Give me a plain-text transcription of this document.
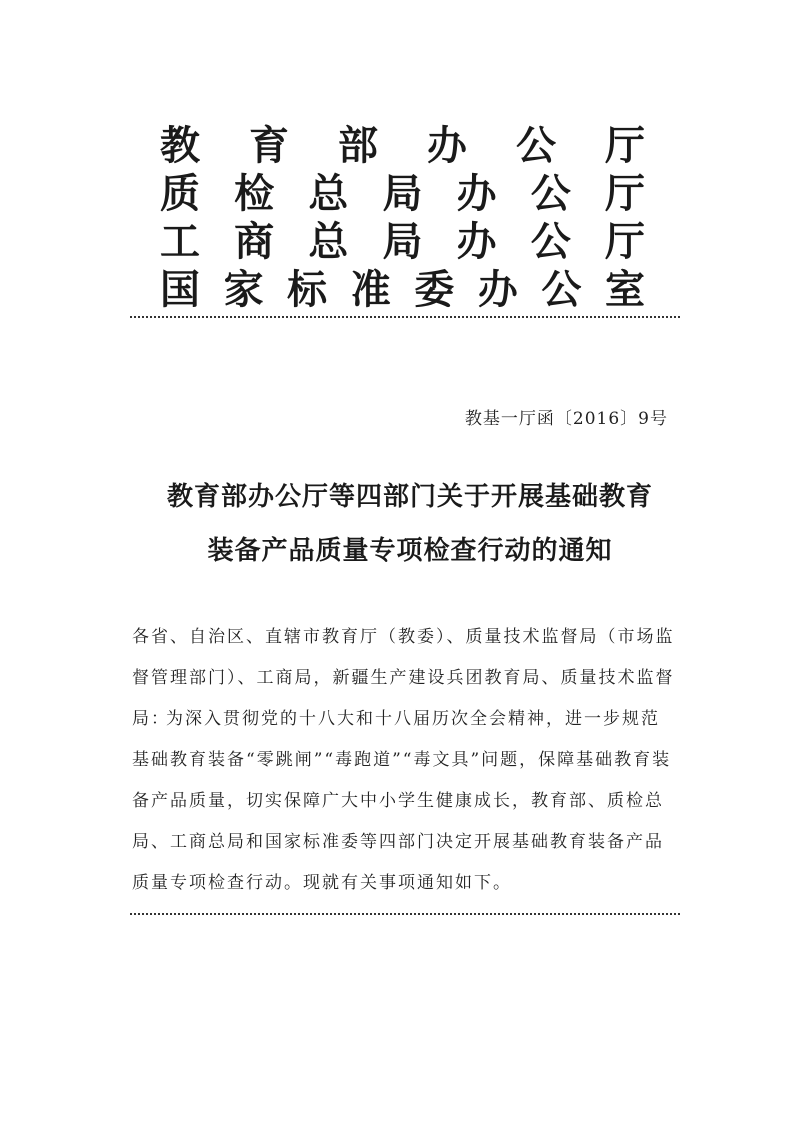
教 育 部 办 公 厅
质 检 总 局 办 公 厅
工 商 总 局 办 公 厅
国 家 标 准 委 办 公 室
教基一厅函〔2016〕9号
教育部办公厅等四部门关于开展基础教育
装备产品质量专项检查行动的通知
各省、自治区、直辖市教育厅（教委）、质量技术监督局（市场监督管理部门）、工商局，新疆生产建设兵团教育局、质量技术监督局：
为深入贯彻党的十八大和十八届历次全会精神，进一步规范基础教育装备“零跳闸”“毒跑道”“毒文具”问题，保障基础教育装备产品质量，切实保障广大中小学生健康成长，教育部、质检总局、工商总局和国家标准委等四部门决定开展基础教育装备产品质量专项检查行动。现就有关事项通知如下。
